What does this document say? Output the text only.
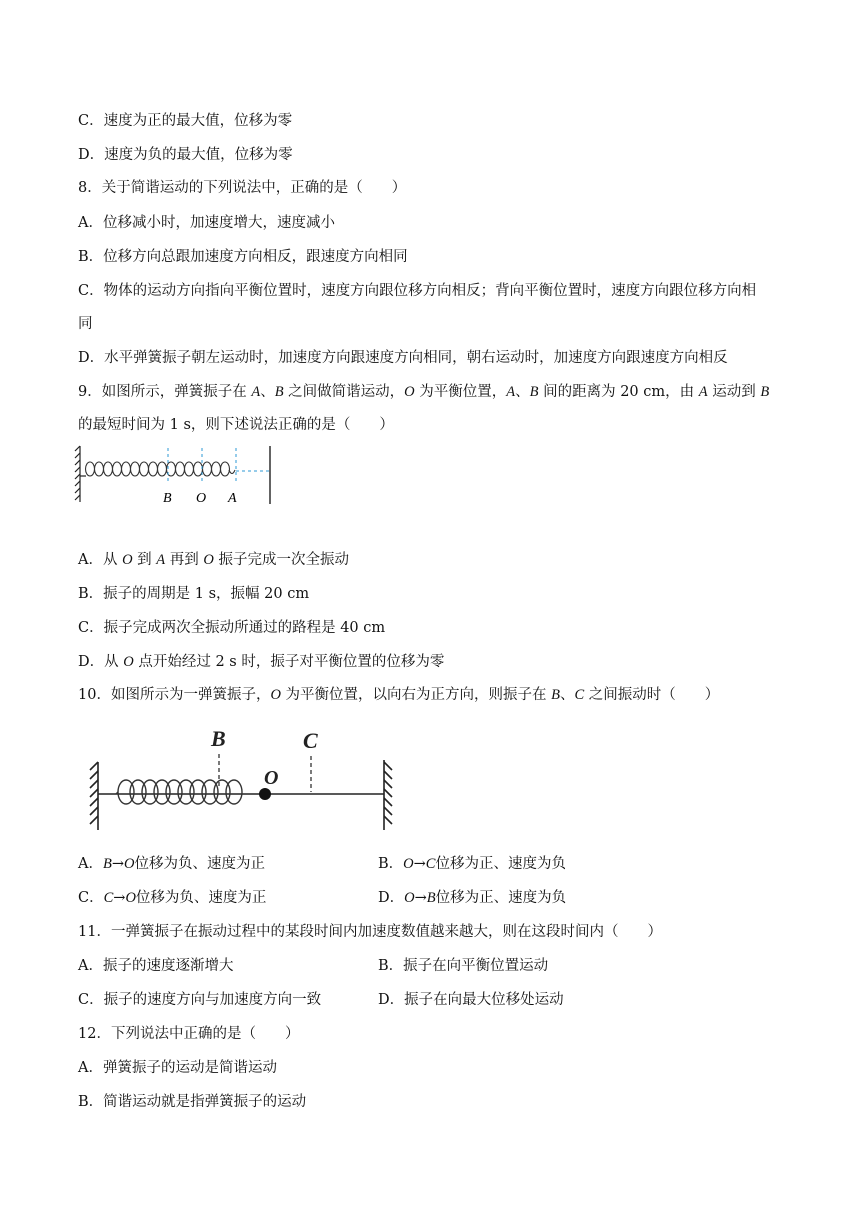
C．速度为正的最大值，位移为零
D．速度为负的最大值，位移为零
8．关于简谐运动的下列说法中，正确的是（　　）
A．位移减小时，加速度增大，速度减小
B．位移方向总跟加速度方向相反，跟速度方向相同
C．物体的运动方向指向平衡位置时，速度方向跟位移方向相反；背向平衡位置时，速度方向跟位移方向相
同
D．水平弹簧振子朝左运动时，加速度方向跟速度方向相同，朝右运动时，加速度方向跟速度方向相反
9．如图所示，弹簧振子在 A、B 之间做简谐运动，O 为平衡位置，A、B 间的距离为 20 cm，由 A 运动到 B
的最短时间为 1 s，则下述说法正确的是（　　）
B O A
A．从 O 到 A 再到 O 振子完成一次全振动
B．振子的周期是 1 s，振幅 20 cm
C．振子完成两次全振动所通过的路程是 40 cm
D．从 O 点开始经过 2 s 时，振子对平衡位置的位移为零
10．如图所示为一弹簧振子，O 为平衡位置，以向右为正方向，则振子在 B、C 之间振动时（　　）
B	C
O
A．B→O位移为负、速度为正	B．O→C位移为正、速度为负
C．C→O位移为负、速度为正	D．O→B位移为正、速度为负
11．一弹簧振子在振动过程中的某段时间内加速度数值越来越大，则在这段时间内（　　）
A．振子的速度逐渐增大	B．振子在向平衡位置运动
C．振子的速度方向与加速度方向一致	D．振子在向最大位移处运动
12．下列说法中正确的是（　　）
A．弹簧振子的运动是简谐运动
B．简谐运动就是指弹簧振子的运动
